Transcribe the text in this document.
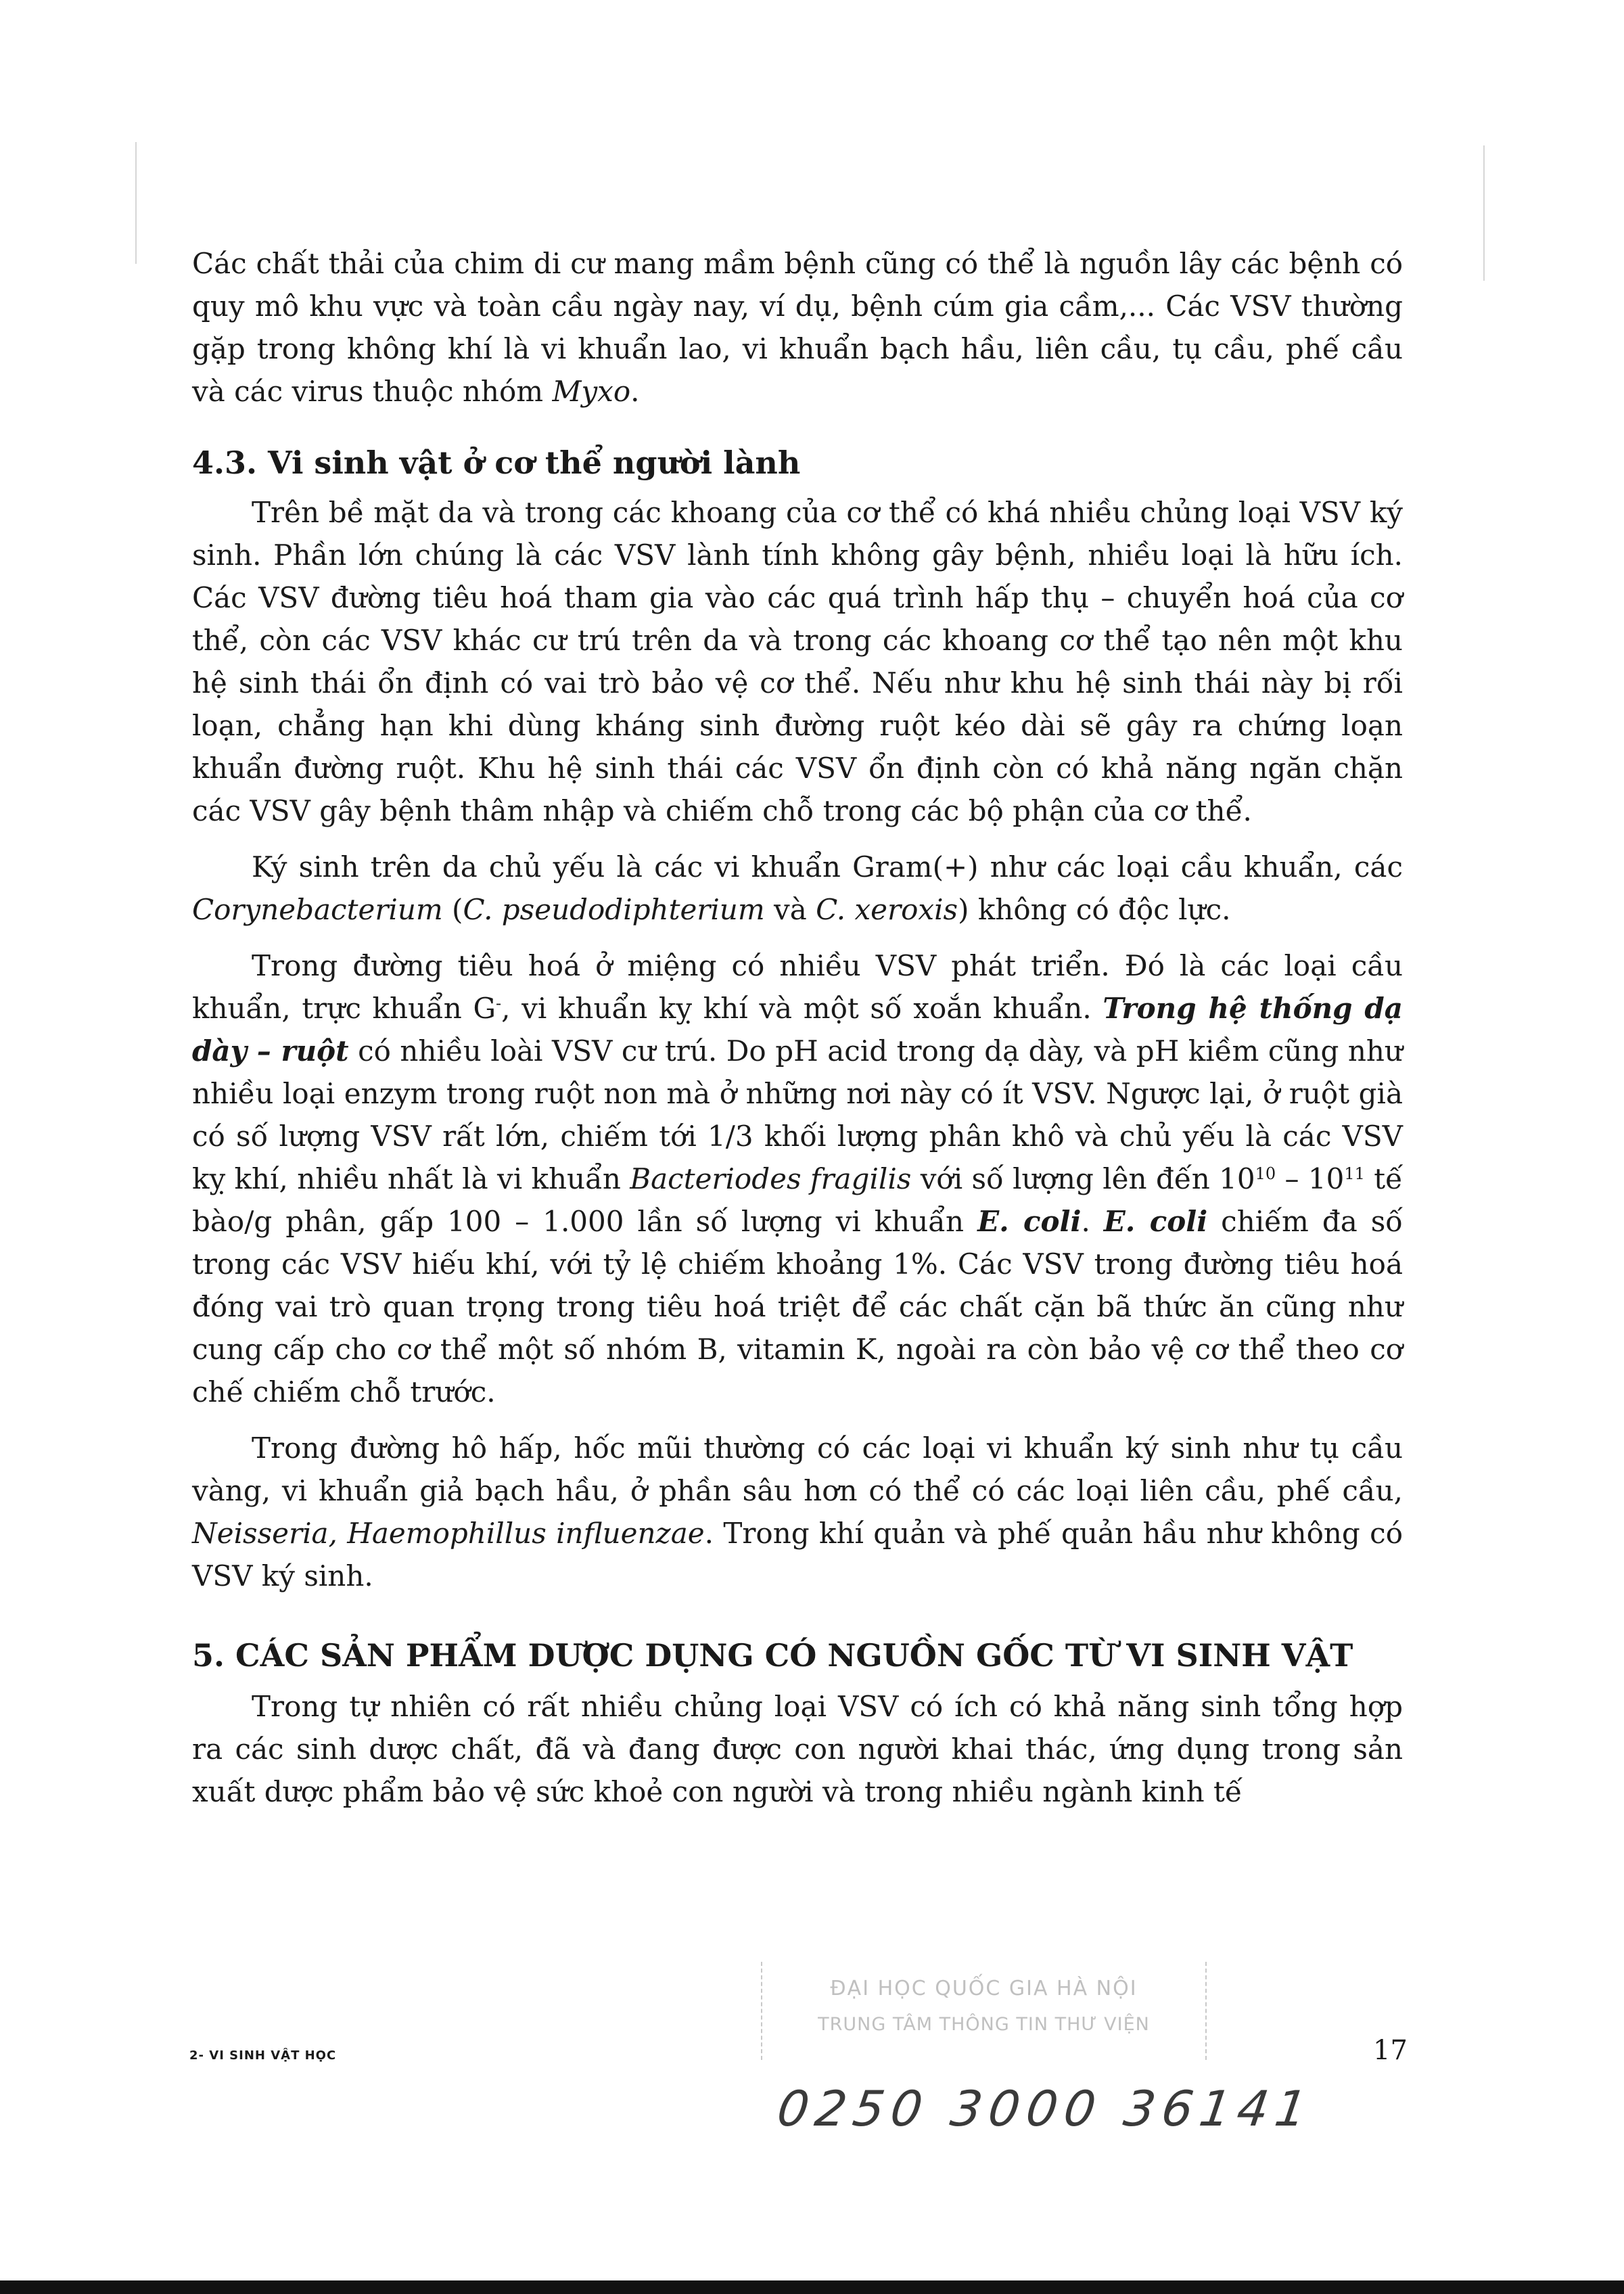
Các chất thải của chim di cư mang mầm bệnh cũng có thể là nguồn lây các bệnh có quy mô khu vực và toàn cầu ngày nay, ví dụ, bệnh cúm gia cầm,... Các VSV thường gặp trong không khí là vi khuẩn lao, vi khuẩn bạch hầu, liên cầu, tụ cầu, phế cầu và các virus thuộc nhóm Myxo.

4.3. Vi sinh vật ở cơ thể người lành

Trên bề mặt da và trong các khoang của cơ thể có khá nhiều chủng loại VSV ký sinh. Phần lớn chúng là các VSV lành tính không gây bệnh, nhiều loại là hữu ích. Các VSV đường tiêu hoá tham gia vào các quá trình hấp thụ – chuyển hoá của cơ thể, còn các VSV khác cư trú trên da và trong các khoang cơ thể tạo nên một khu hệ sinh thái ổn định có vai trò bảo vệ cơ thể. Nếu như khu hệ sinh thái này bị rối loạn, chẳng hạn khi dùng kháng sinh đường ruột kéo dài sẽ gây ra chứng loạn khuẩn đường ruột. Khu hệ sinh thái các VSV ổn định còn có khả năng ngăn chặn các VSV gây bệnh thâm nhập và chiếm chỗ trong các bộ phận của cơ thể.

Ký sinh trên da chủ yếu là các vi khuẩn Gram(+) như các loại cầu khuẩn, các Corynebacterium (C. pseudodiphterium và C. xeroxis) không có độc lực.

Trong đường tiêu hoá ở miệng có nhiều VSV phát triển. Đó là các loại cầu khuẩn, trực khuẩn G-, vi khuẩn kỵ khí và một số xoắn khuẩn. Trong hệ thống dạ dày – ruột có nhiều loài VSV cư trú. Do pH acid trong dạ dày, và pH kiềm cũng như nhiều loại enzym trong ruột non mà ở những nơi này có ít VSV. Ngược lại, ở ruột già có số lượng VSV rất lớn, chiếm tới 1/3 khối lượng phân khô và chủ yếu là các VSV kỵ khí, nhiều nhất là vi khuẩn Bacteriodes fragilis với số lượng lên đến $10^{10} - 10^{11}$ tế bào/g phân, gấp 100 – 1.000 lần số lượng vi khuẩn E. coli. E. coli chiếm đa số trong các VSV hiếu khí, với tỷ lệ chiếm khoảng 1%. Các VSV trong đường tiêu hoá đóng vai trò quan trọng trong tiêu hoá triệt để các chất cặn bã thức ăn cũng như cung cấp cho cơ thể một số nhóm B, vitamin K, ngoài ra còn bảo vệ cơ thể theo cơ chế chiếm chỗ trước.

Trong đường hô hấp, hốc mũi thường có các loại vi khuẩn ký sinh như tụ cầu vàng, vi khuẩn giả bạch hầu, ở phần sâu hơn có thể có các loại liên cầu, phế cầu, Neisseria, Haemophillus influenzae. Trong khí quản và phế quản hầu như không có VSV ký sinh.

5. CÁC SẢN PHẨM DƯỢC DỤNG CÓ NGUỒN GỐC TỪ VI SINH VẬT

Trong tự nhiên có rất nhiều chủng loại VSV có ích có khả năng sinh tổng hợp ra các sinh dược chất, đã và đang được con người khai thác, ứng dụng trong sản xuất dược phẩm bảo vệ sức khoẻ con người và trong nhiều ngành kinh tế

ĐẠI HỌC QUỐC GIA HÀ NỘI
TRUNG TÂM THÔNG TIN THƯ VIỆN
2- VI SINH VẬT HỌC	17
0250 3000 36141
